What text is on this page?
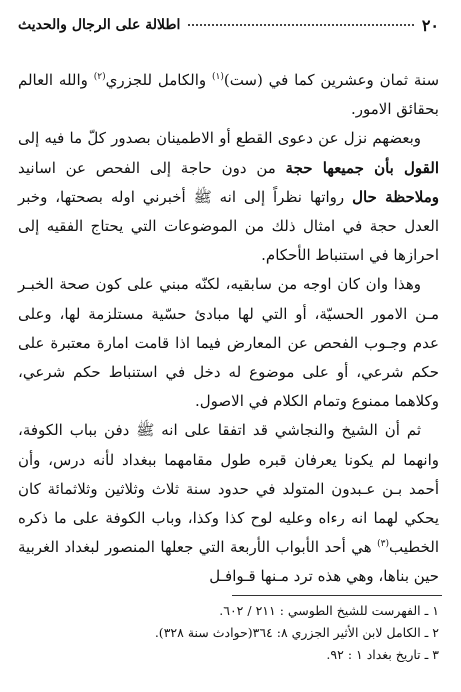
٢٠
اطلالة على الرجال والحديث

سنة ثمان وعشرين كما في (ست)$^{(١)}$ والكامل للجزري$^{(٢)}$ والله العالم بحقائق الامور.

وبعضهم نزل عن دعوى القطع أو الاطمينان بصدور كلّ ما فيه إلى القول بأن جميعها حجة من دون حاجة إلى الفحص عن اسانيد وملاحظة حال رواتها نظراً إلى انه ﷺ أخبرني اوله بصحتها، وخبر العدل حجة في امثال ذلك من الموضوعات التي يحتاج الفقيه إلى احرازها في استنباط الأحكام.

وهذا وان كان اوجه من سابقيه، لكنّه مبني على كون صحة الخبـر مـن الامور الحسيّة، أو التي لها مبادئ حسّية مستلزمة لها، وعلى عدم وجـوب الفحص عن المعارض فيما اذا قامت امارة معتبرة على حكم شرعي، أو على موضوع له دخل في استنباط حكم شرعي، وكلاهما ممنوع وتمام الكلام في الاصول.

ثم أن الشيخ والنجاشي قد اتفقا على انه ﷺ دفن بباب الكوفة، وانهما لم يكونا يعرفان قبره طول مقامهما ببغداد لأنه درس، وأن أحمد بـن عـبدون المتولد في حدود سنة ثلاث وثلاثين وثلاثمائة كان يحكي لهما انه رءاه وعليه لوح كذا وكذا، وباب الكوفة على ما ذكره الخطيب$^{(٣)}$ هي أحد الأبواب الأربعة التي جعلها المنصور لبغداد الغربية حين بناها، وهي هذه ترد مـنها قـوافـل

١ ـ الفهرست للشيخ الطوسي : ٢١١ / ٦٠٢.
٢ ـ الكامل لابن الأثير الجزري ٨: ٣٦٤(حوادث سنة ٣٢٨).
٣ ـ تاريخ بغداد ١ : ٩٢.
